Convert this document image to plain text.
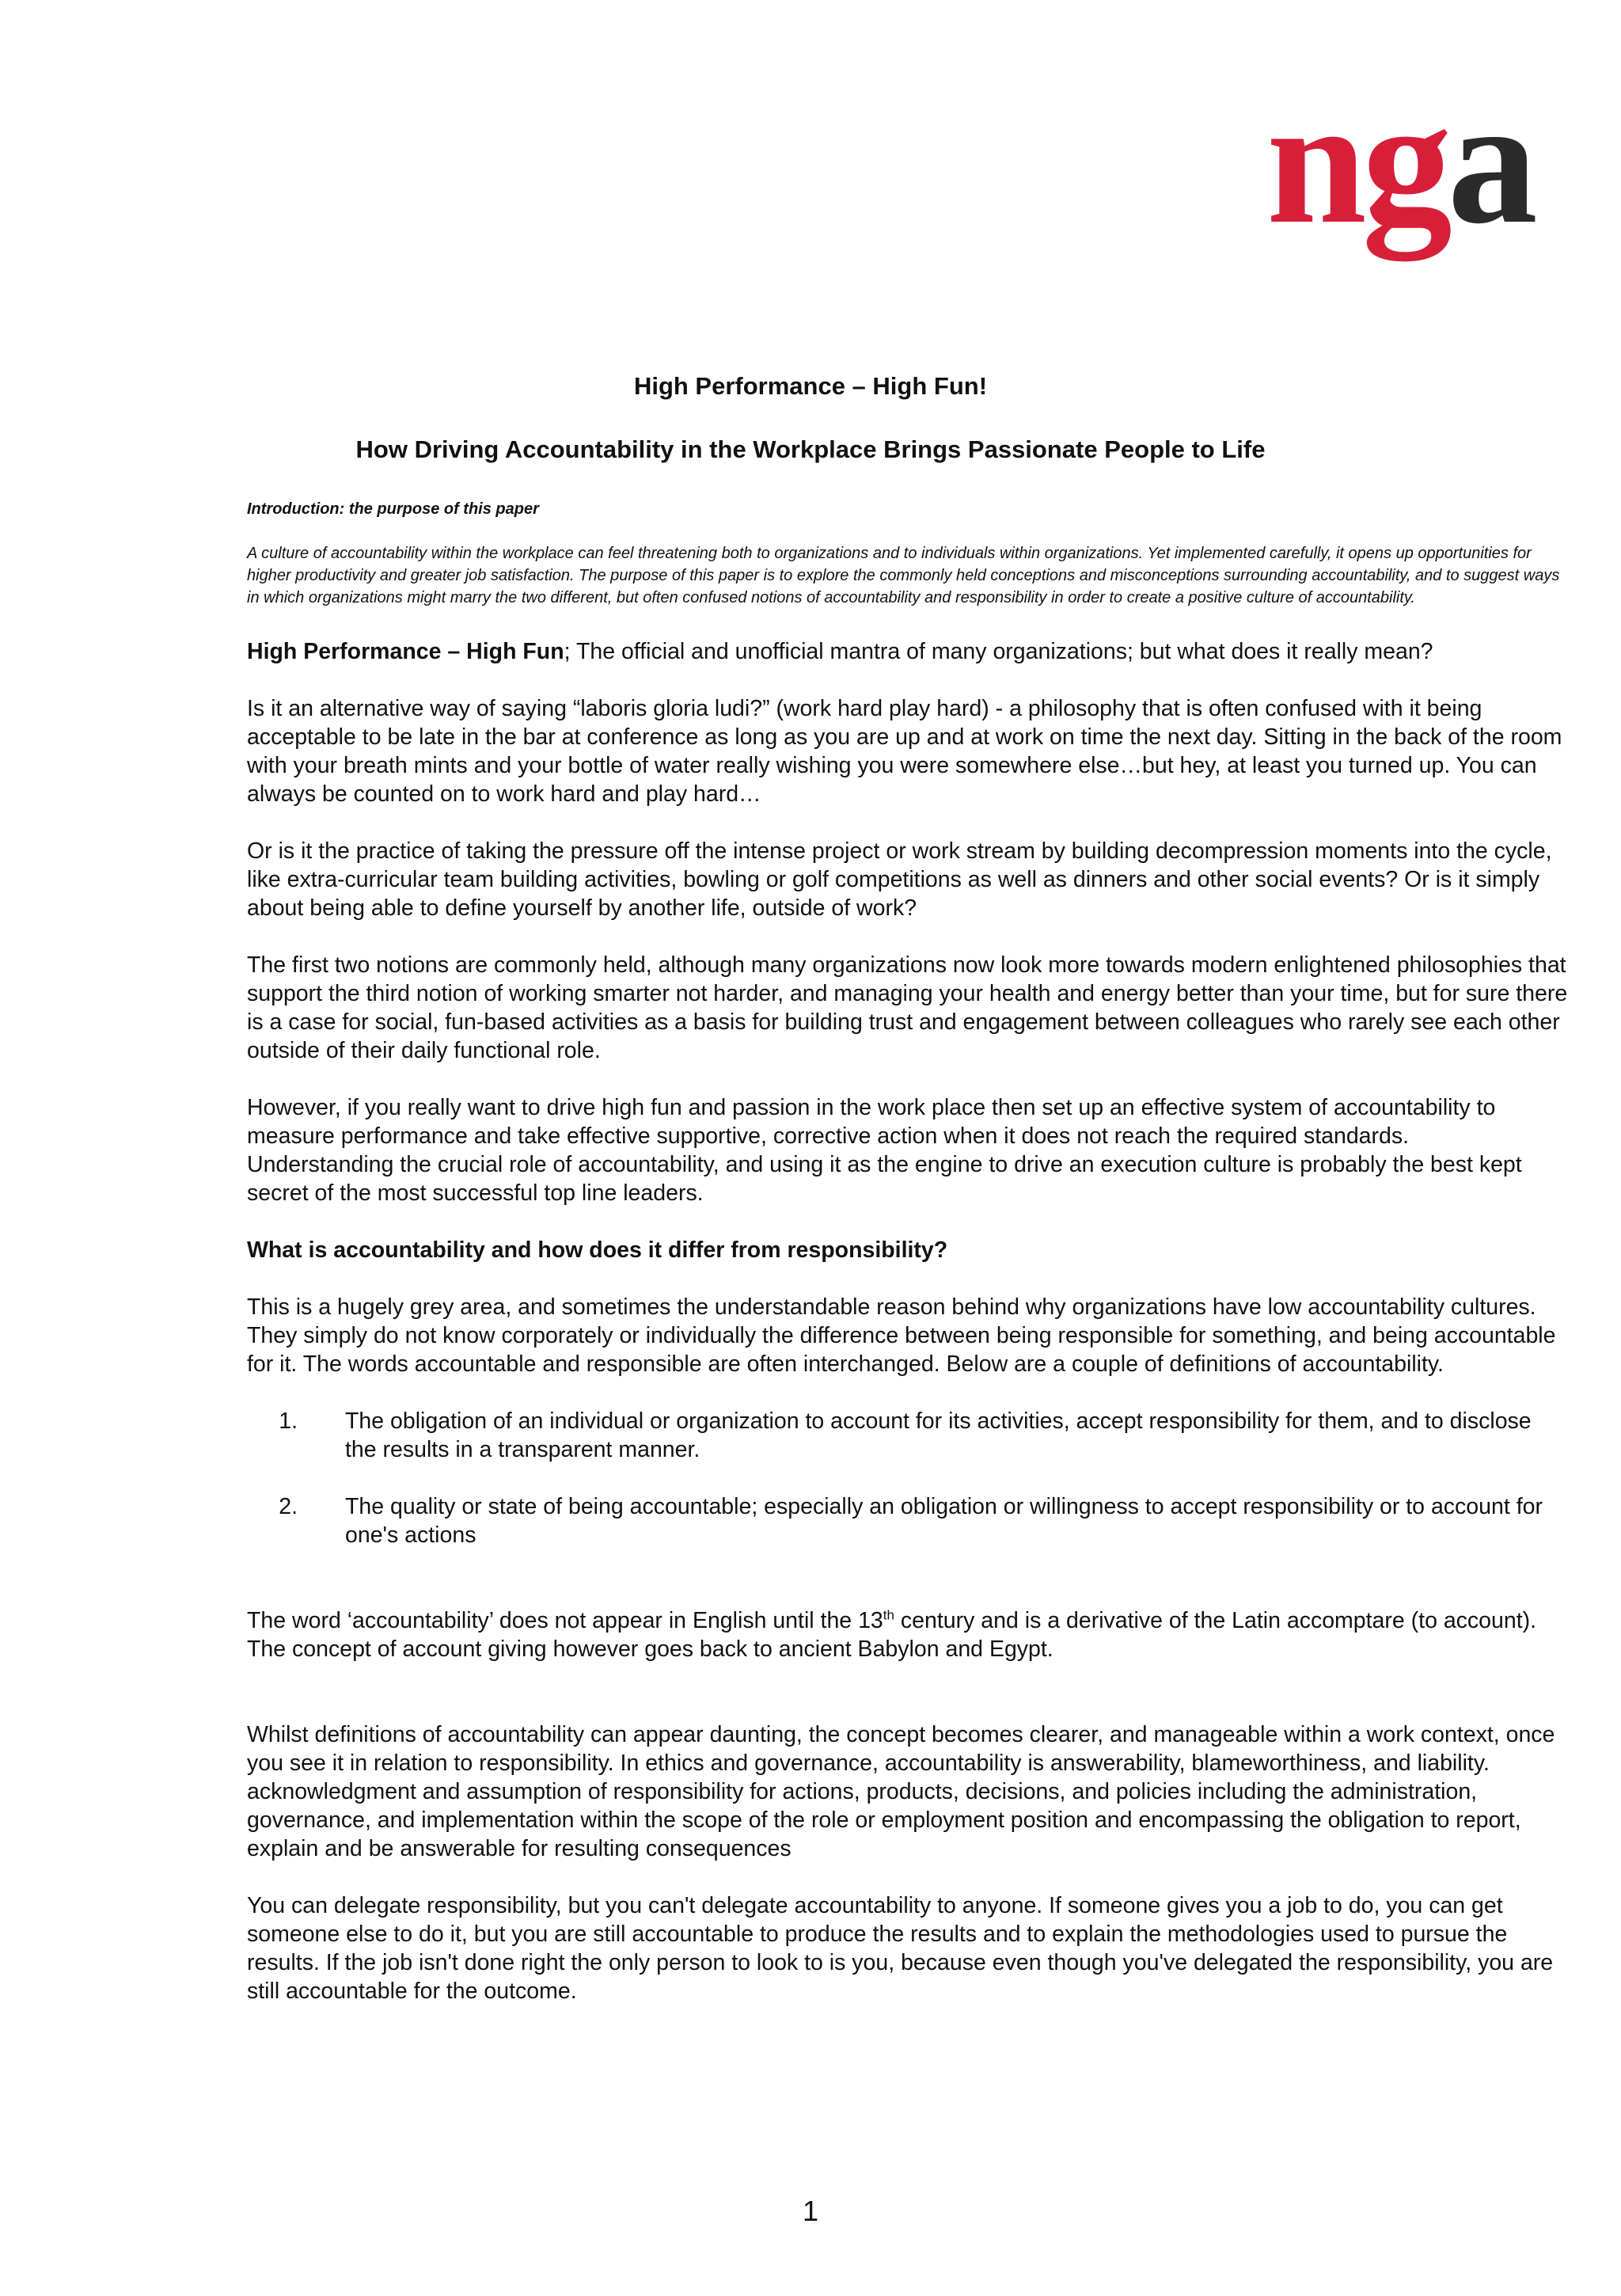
nga
High Performance – High Fun!
How Driving Accountability in the Workplace Brings Passionate People to Life
Introduction: the purpose of this paper
A culture of accountability within the workplace can feel threatening both to organizations and to individuals within organizations. Yet implemented carefully, it opens up opportunities for higher productivity and greater job satisfaction. The purpose of this paper is to explore the commonly held conceptions and misconceptions surrounding accountability, and to suggest ways in which organizations might marry the two different, but often confused notions of accountability and responsibility in order to create a positive culture of accountability.
High Performance – High Fun; The official and unofficial mantra of many organizations; but what does it really mean?
Is it an alternative way of saying “laboris gloria ludi?” (work hard play hard) - a philosophy that is often confused with it being acceptable to be late in the bar at conference as long as you are up and at work on time the next day. Sitting in the back of the room with your breath mints and your bottle of water really wishing you were somewhere else…but hey, at least you turned up. You can always be counted on to work hard and play hard…
Or is it the practice of taking the pressure off the intense project or work stream by building decompression moments into the cycle, like extra-curricular team building activities, bowling or golf competitions as well as dinners and other social events? Or is it simply about being able to define yourself by another life, outside of work?
The first two notions are commonly held, although many organizations now look more towards modern enlightened philosophies that support the third notion of working smarter not harder, and managing your health and energy better than your time, but for sure there is a case for social, fun-based activities as a basis for building trust and engagement between colleagues who rarely see each other outside of their daily functional role.
However, if you really want to drive high fun and passion in the work place then set up an effective system of accountability to measure performance and take effective supportive, corrective action when it does not reach the required standards.
Understanding the crucial role of accountability, and using it as the engine to drive an execution culture is probably the best kept secret of the most successful top line leaders.
What is accountability and how does it differ from responsibility?
This is a hugely grey area, and sometimes the understandable reason behind why organizations have low accountability cultures. They simply do not know corporately or individually the difference between being responsible for something, and being accountable for it. The words accountable and responsible are often interchanged. Below are a couple of definitions of accountability.
1.	The obligation of an individual or organization to account for its activities, accept responsibility for them, and to disclose the results in a transparent manner.
2.	The quality or state of being accountable; especially an obligation or willingness to accept responsibility or to account for one's actions
The word ‘accountability’ does not appear in English until the 13th century and is a derivative of the Latin accomptare (to account). The concept of account giving however goes back to ancient Babylon and Egypt.
Whilst definitions of accountability can appear daunting, the concept becomes clearer, and manageable within a work context, once you see it in relation to responsibility. In ethics and governance, accountability is answerability, blameworthiness, and liability. acknowledgment and assumption of responsibility for actions, products, decisions, and policies including the administration, governance, and implementation within the scope of the role or employment position and encompassing the obligation to report, explain and be answerable for resulting consequences
You can delegate responsibility, but you can't delegate accountability to anyone. If someone gives you a job to do, you can get someone else to do it, but you are still accountable to produce the results and to explain the methodologies used to pursue the results. If the job isn't done right the only person to look to is you, because even though you've delegated the responsibility, you are still accountable for the outcome.
1
